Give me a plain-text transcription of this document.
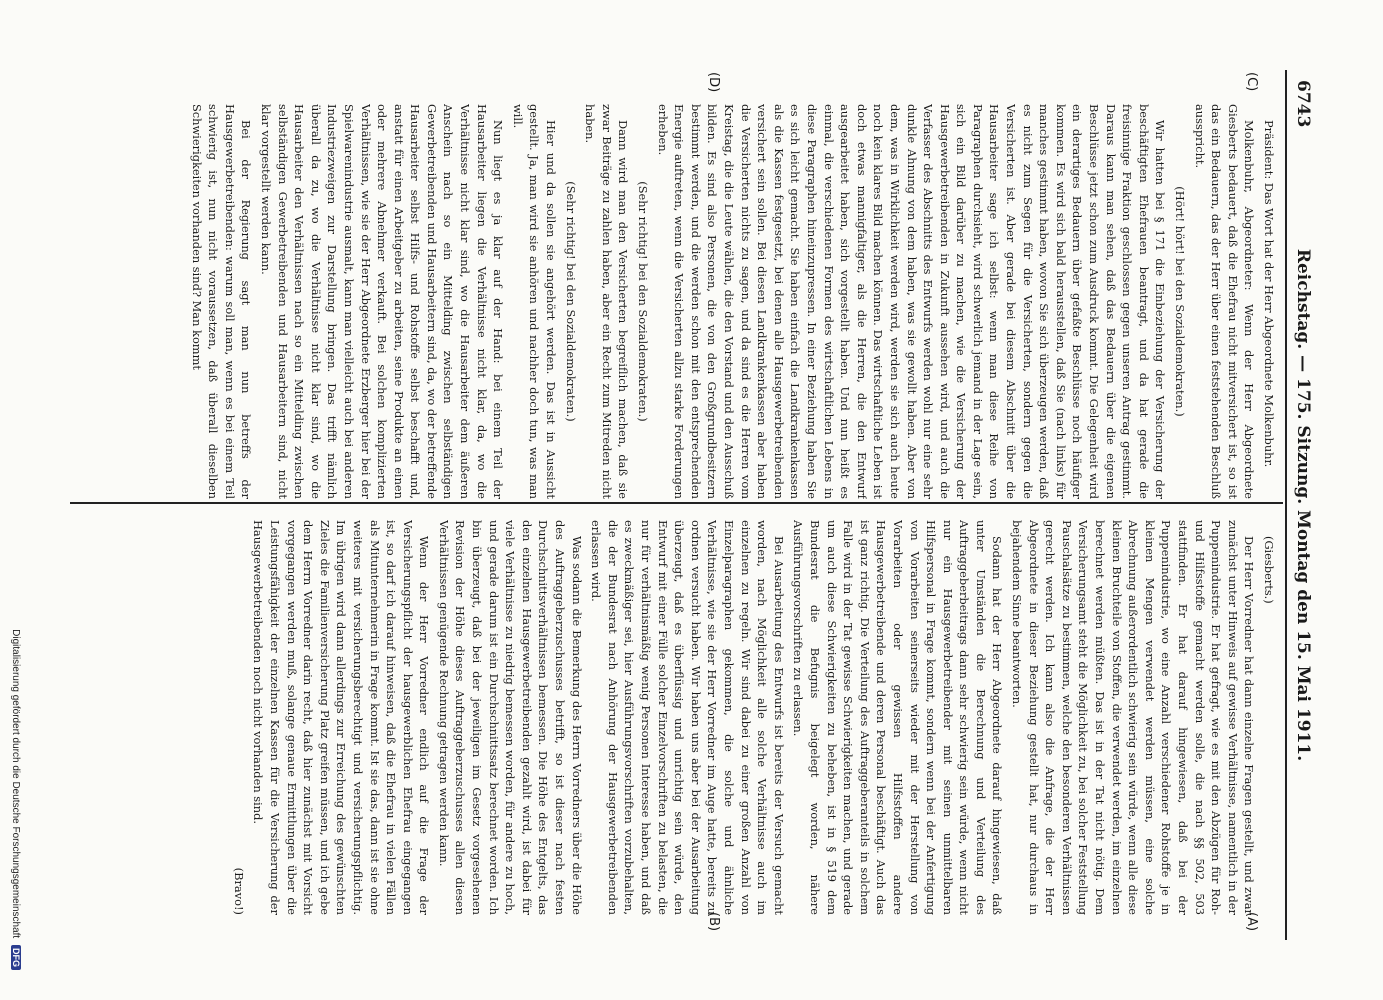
6743
Reichstag. — 175. Sitzung. Montag den 15. Mai 1911.
(C)
(D)
(A)
(B)

Präsident: Das Wort hat der Herr Abgeordnete Molkenbuhr.

Molkenbuhr, Abgeordneter: Wenn der Herr Abgeordnete Giesberts bedauert, daß die Ehefrau nicht mitversichert ist, so ist das ein Bedauern, das der Herr über einen feststehenden Beschluß ausspricht.

(Hört! hört! bei den Sozialdemokraten.)

Wir hatten bei § 171 die Einbeziehung der Versicherung der beschäftigten Ehefrauen beantragt, und da hat gerade die freisinnige Fraktion geschlossen gegen unseren Antrag gestimmt. Daraus kann man sehen, daß das Bedauern über die eigenen Beschlüsse jetzt schon zum Ausdruck kommt. Die Gelegenheit wird ein derartiges Bedauern über gefaßte Beschlüsse noch häufiger kommen. Es wird sich bald herausstellen, daß Sie (nach links) für manches gestimmt haben, wovon Sie sich überzeugen werden, daß es nicht zum Segen für die Versicherten, sondern gegen die Versicherten ist. Aber gerade bei diesem Abschnitt über die Hausarbeiter sage ich selbst: wenn man diese Reihe von Paragraphen durchsieht, wird schwerlich jemand in der Lage sein, sich ein Bild darüber zu machen, wie die Versicherung der Hausgewerbetreibenden in Zukunft aussehen wird, und auch die Verfasser des Abschnitts des Entwurfs werden wohl nur eine sehr dunkle Ahnung von dem haben, was sie gewollt haben. Aber von dem, was in Wirklichkeit werden wird, werden sie sich auch heute noch kein klares Bild machen können. Das wirtschaftliche Leben ist doch etwas mannigfaltiger, als die Herren, die den Entwurf ausgearbeitet haben, sich vorgestellt haben. Und nun heißt es einmal, die verschiedenen Formen des wirtschaftlichen Lebens in diese Paragraphen hineinzupressen. In einer Beziehung haben Sie es sich leicht gemacht. Sie haben einfach die Landkrankenkassen als die Kassen festgesetzt, bei denen alle Hausgewerbetreibenden versichert sein sollen. Bei diesen Landkrankenkassen aber haben die Versicherten nichts zu sagen, und da sind es die Herren vom Kreistag, die die Leute wählen, die den Vorstand und den Ausschuß bilden. Es sind also Personen, die von den Großgrundbesitzern bestimmt werden, und die werden schon mit den entsprechenden Energie auftreten, wenn die Versicherten allzu starke Forderungen erheben.

(Sehr richtig! bei den Sozialdemokraten.)

Dann wird man den Versicherten begreiflich machen, daß sie zwar Beiträge zu zahlen haben, aber ein Recht zum Mitreden nicht haben.

(Sehr richtig! bei den Sozialdemokraten.)

Hier und da sollen sie angehört werden. Das ist in Aussicht gestellt. Ja, man wird sie anhören und nachher doch tun, was man will.

Nun liegt es ja klar auf der Hand: bei einem Teil der Hausarbeiter liegen die Verhältnisse nicht klar, da, wo die Verhältnisse nicht klar sind, wo die Hausarbeiter dem äußeren Anschein nach so ein Mittelding zwischen selbständigen Gewerbetreibenden und Hausarbeitern sind, da, wo der betreffende Hausarbeiter selbst Hilfs- und Rohstoffe selbst beschafft und, anstatt für einen Arbeitgeber zu arbeiten, seine Produkte an einen oder mehrere Abnehmer verkauft. Bei solchen komplizierten Verhältnissen, wie sie der Herr Abgeordnete Erzberger hier bei der Spielwarenindustrie ausmalt, kann man vielleicht auch bei anderen Industriezweigen zur Darstellung bringen. Das trifft nämlich überall da zu, wo die Verhältnisse nicht klar sind, wo die Hausarbeiter den Verhältnissen nach so ein Mittelding zwischen selbständigen Gewerbetreibenden und Hausarbeitern sind, nicht klar vorgestellt werden kann.

Bei der Regierung sagt man nun betreffs der Hausgewerbetreibenden: warum soll man, wenn es bei einem Teil schwierig ist, nun nicht voraussetzen, daß überall dieselben Schwierigkeiten vorhanden sind? Man kommt

(Giesberts.)

Der Herr Vorredner hat dann einzelne Fragen gestellt, und zwar zunächst unter Hinweis auf gewisse Verhältnisse, namentlich in der Puppenindustrie. Er hat gefragt, wie es mit den Abzügen für Roh- und Hilfsstoffe gemacht werden solle, die nach §§ 502, 503 stattfinden. Er hat darauf hingewiesen, daß bei der Puppenindustrie, wo eine Anzahl verschiedener Rohstoffe je in kleinen Mengen verwendet werden müssen, eine solche Abrechnung außerordentlich schwierig sein würde, wenn alle diese kleinen Bruchteile von Stoffen, die verwendet werden, im einzelnen berechnet werden müßten. Das ist in der Tat nicht nötig. Dem Versicherungsamt steht die Möglichkeit zu, bei solcher Feststellung Pauschalsätze zu bestimmen, welche den besonderen Verhältnissen gerecht werden. Ich kann also die Anfrage, die der Herr Abgeordnete in dieser Beziehung gestellt hat, nur durchaus in bejahendem Sinne beantworten.

Sodann hat der Herr Abgeordnete darauf hingewiesen, daß unter Umständen die Berechnung und Verteilung des Auftraggeberbeitrags dann sehr schwierig sein würde, wenn nicht nur ein Hausgewerbetreibender mit seinen unmittelbaren Hilfspersonal in Frage kommt, sondern wenn bei der Anfertigung von Vorarbeiten seinerseits wieder mit der Herstellung von Vorarbeiten oder gewissen Hilfsstoffen andere Hausgewerbetreibende und deren Personal beschäftigt. Auch das ist ganz richtig. Die Verteilung des Auftraggeberanteils in solchem Falle wird in der Tat gewisse Schwierigkeiten machen, und gerade um auch diese Schwierigkeiten zu beheben, ist in § 519 dem Bundesrat die Befugnis beigelegt worden, nähere Ausführungsvorschriften zu erlassen.

Bei Ausarbeitung des Entwurfs ist bereits der Versuch gemacht worden, nach Möglichkeit alle solche Verhältnisse auch im einzelnen zu regeln. Wir sind dabei zu einer großen Anzahl von Einzelparagraphen gekommen, die solche und ähnliche Verhältnisse, wie sie der Herr Vorredner im Auge hatte, bereits zu ordnen versucht haben. Wir haben uns aber bei der Ausarbeitung überzeugt, daß es überflüssig und unrichtig sein würde, den Entwurf mit einer Fülle solcher Einzelvorschriften zu belasten, die nur für verhältnismäßig wenig Personen Interesse haben, und daß es zweckmäßiger sei, hier Ausführungsvorschriften vorzubehalten, die der Bundesrat nach Anhörung der Hausgewerbetreibenden erlassen wird.

Was sodann die Bemerkung des Herrn Vorredners über die Höhe des Auftraggeberzuschusses betrifft, so ist dieser nach festen Durchschnittsverhältnissen bemessen. Die Höhe des Entgelts, das den einzelnen Hausgewerbetreibenden gezahlt wird, ist dabei für viele Verhältnisse zu niedrig bemessen worden, für andere zu hoch, und gerade darum ist ein Durchschnittssatz berechnet worden. Ich bin überzeugt, daß bei der jeweiligen im Gesetz vorgesehenen Revision der Höhe dieses Auftraggeberzuschusses allen diesen Verhältnissen genügende Rechnung getragen werden kann.

Wenn der Herr Vorredner endlich auf die Frage der Versicherungspflicht der hausgewerblichen Ehefrau eingegangen ist, so darf ich darauf hinweisen, daß die Ehefrau in vielen Fällen als Mitunternehmerin in Frage kommt. Ist sie das, dann ist sie ohne weiteres mit versicherungsberechtigt und versicherungspflichtig. Im übrigen wird dann allerdings zur Erreichung des gewünschten Zieles die Familienversicherung Platz greifen müssen, und ich gebe dem Herrn Vorredner darin recht, daß hier zunächst mit Vorsicht vorgegangen werden muß, solange genaue Ermittlungen über die Leistungsfähigkeit der einzelnen Kassen für die Versicherung der Hausgewerbetreibenden noch nicht vorhanden sind.

(Bravo!)

Digitalisierung gefördert durch die Deutsche Forschungsgemeinschaft DFG
